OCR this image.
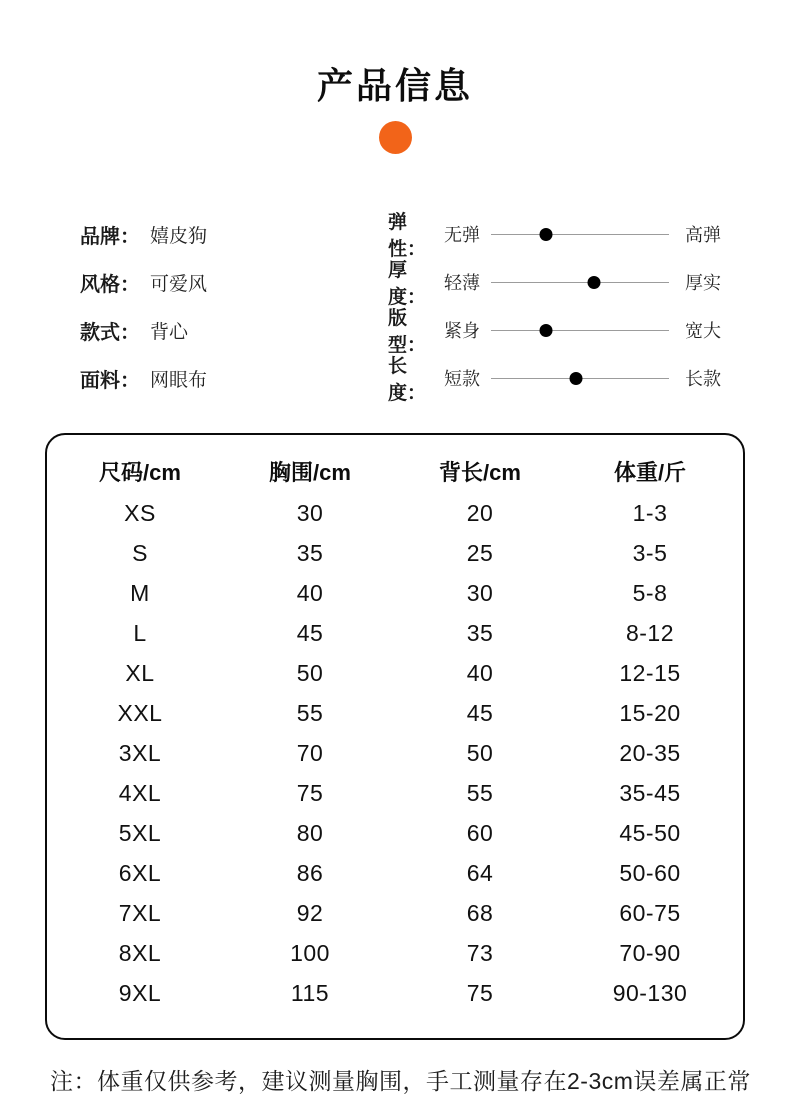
产品信息
品牌： 嬉皮狗
风格： 可爱风
款式： 背心
面料： 网眼布
弹性：
无弹	高弹
厚度：
轻薄	厚实
版型：
紧身	宽大
长度：
短款	长款
尺码/cm	胸围/cm	背长/cm	体重/斤
XS	30	20	1-3
S	35	25	3-5
M	40	30	5-8
L	45	35	8-12
XL	50	40	12-15
XXL	55	45	15-20
3XL	70	50	20-35
4XL	75	55	35-45
5XL	80	60	45-50
6XL	86	64	50-60
7XL	92	68	60-75
8XL	100	73	70-90
9XL	115	75	90-130
注：体重仅供参考，建议测量胸围，手工测量存在2-3cm误差属正常
